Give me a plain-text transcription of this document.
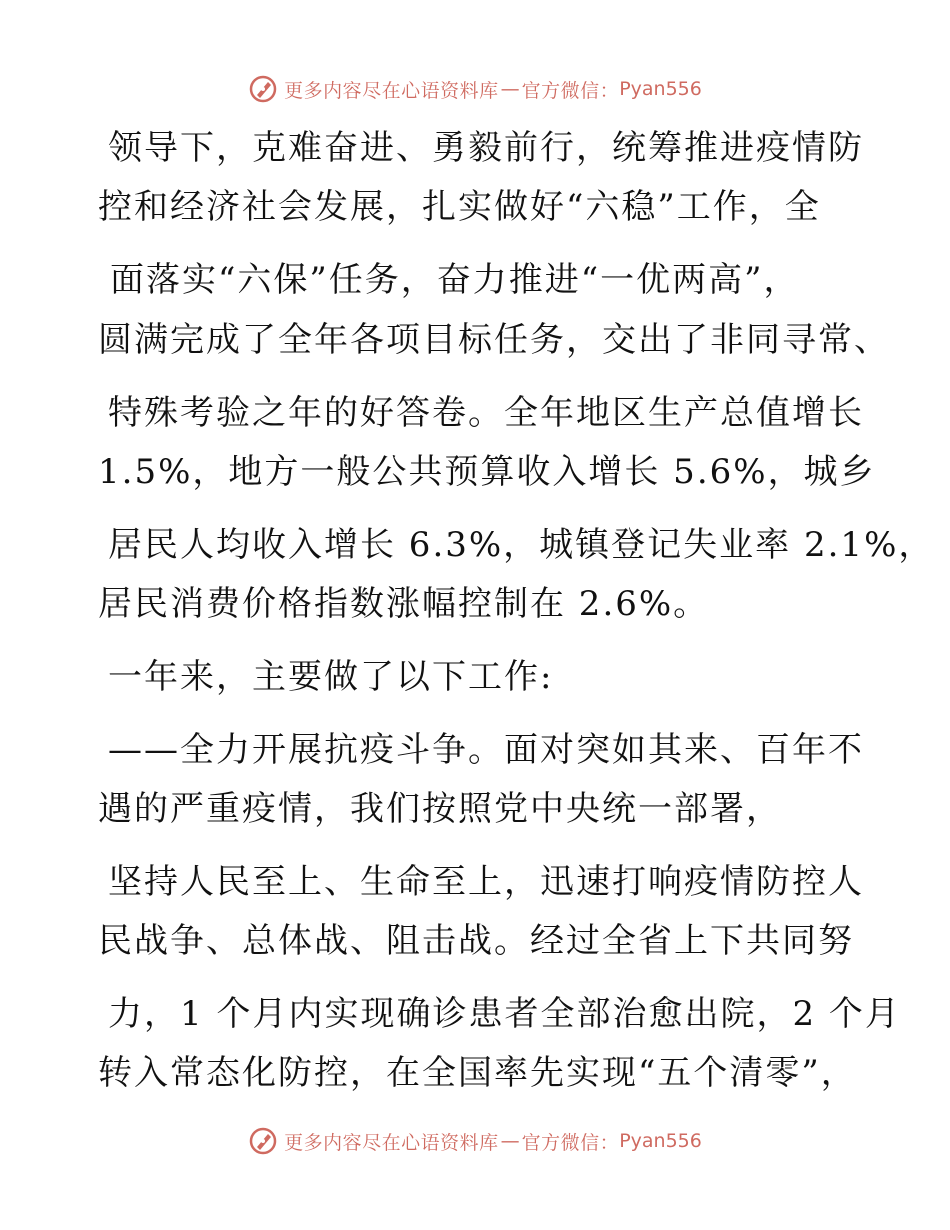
更多内容尽在心语资料库 — 官方微信： Pyan556
领导下，克难奋进、勇毅前行，统筹推进疫情防
控和经济社会发展，扎实做好“六稳”工作，全
面落实“六保”任务，奋力推进“一优两高”，
圆满完成了全年各项目标任务，交出了非同寻常、
特殊考验之年的好答卷。全年地区生产总值增长
1.5%，地方一般公共预算收入增长 5.6%，城乡
居民人均收入增长 6.3%，城镇登记失业率 2.1%，
居民消费价格指数涨幅控制在 2.6%。
一年来，主要做了以下工作:
——全力开展抗疫斗争。面对突如其来、百年不
遇的严重疫情，我们按照党中央统一部署，
坚持人民至上、生命至上，迅速打响疫情防控人
民战争、总体战、阻击战。经过全省上下共同努
力，1 个月内实现确诊患者全部治愈出院，2 个月
转入常态化防控，在全国率先实现“五个清零”，
更多内容尽在心语资料库 — 官方微信： Pyan556
